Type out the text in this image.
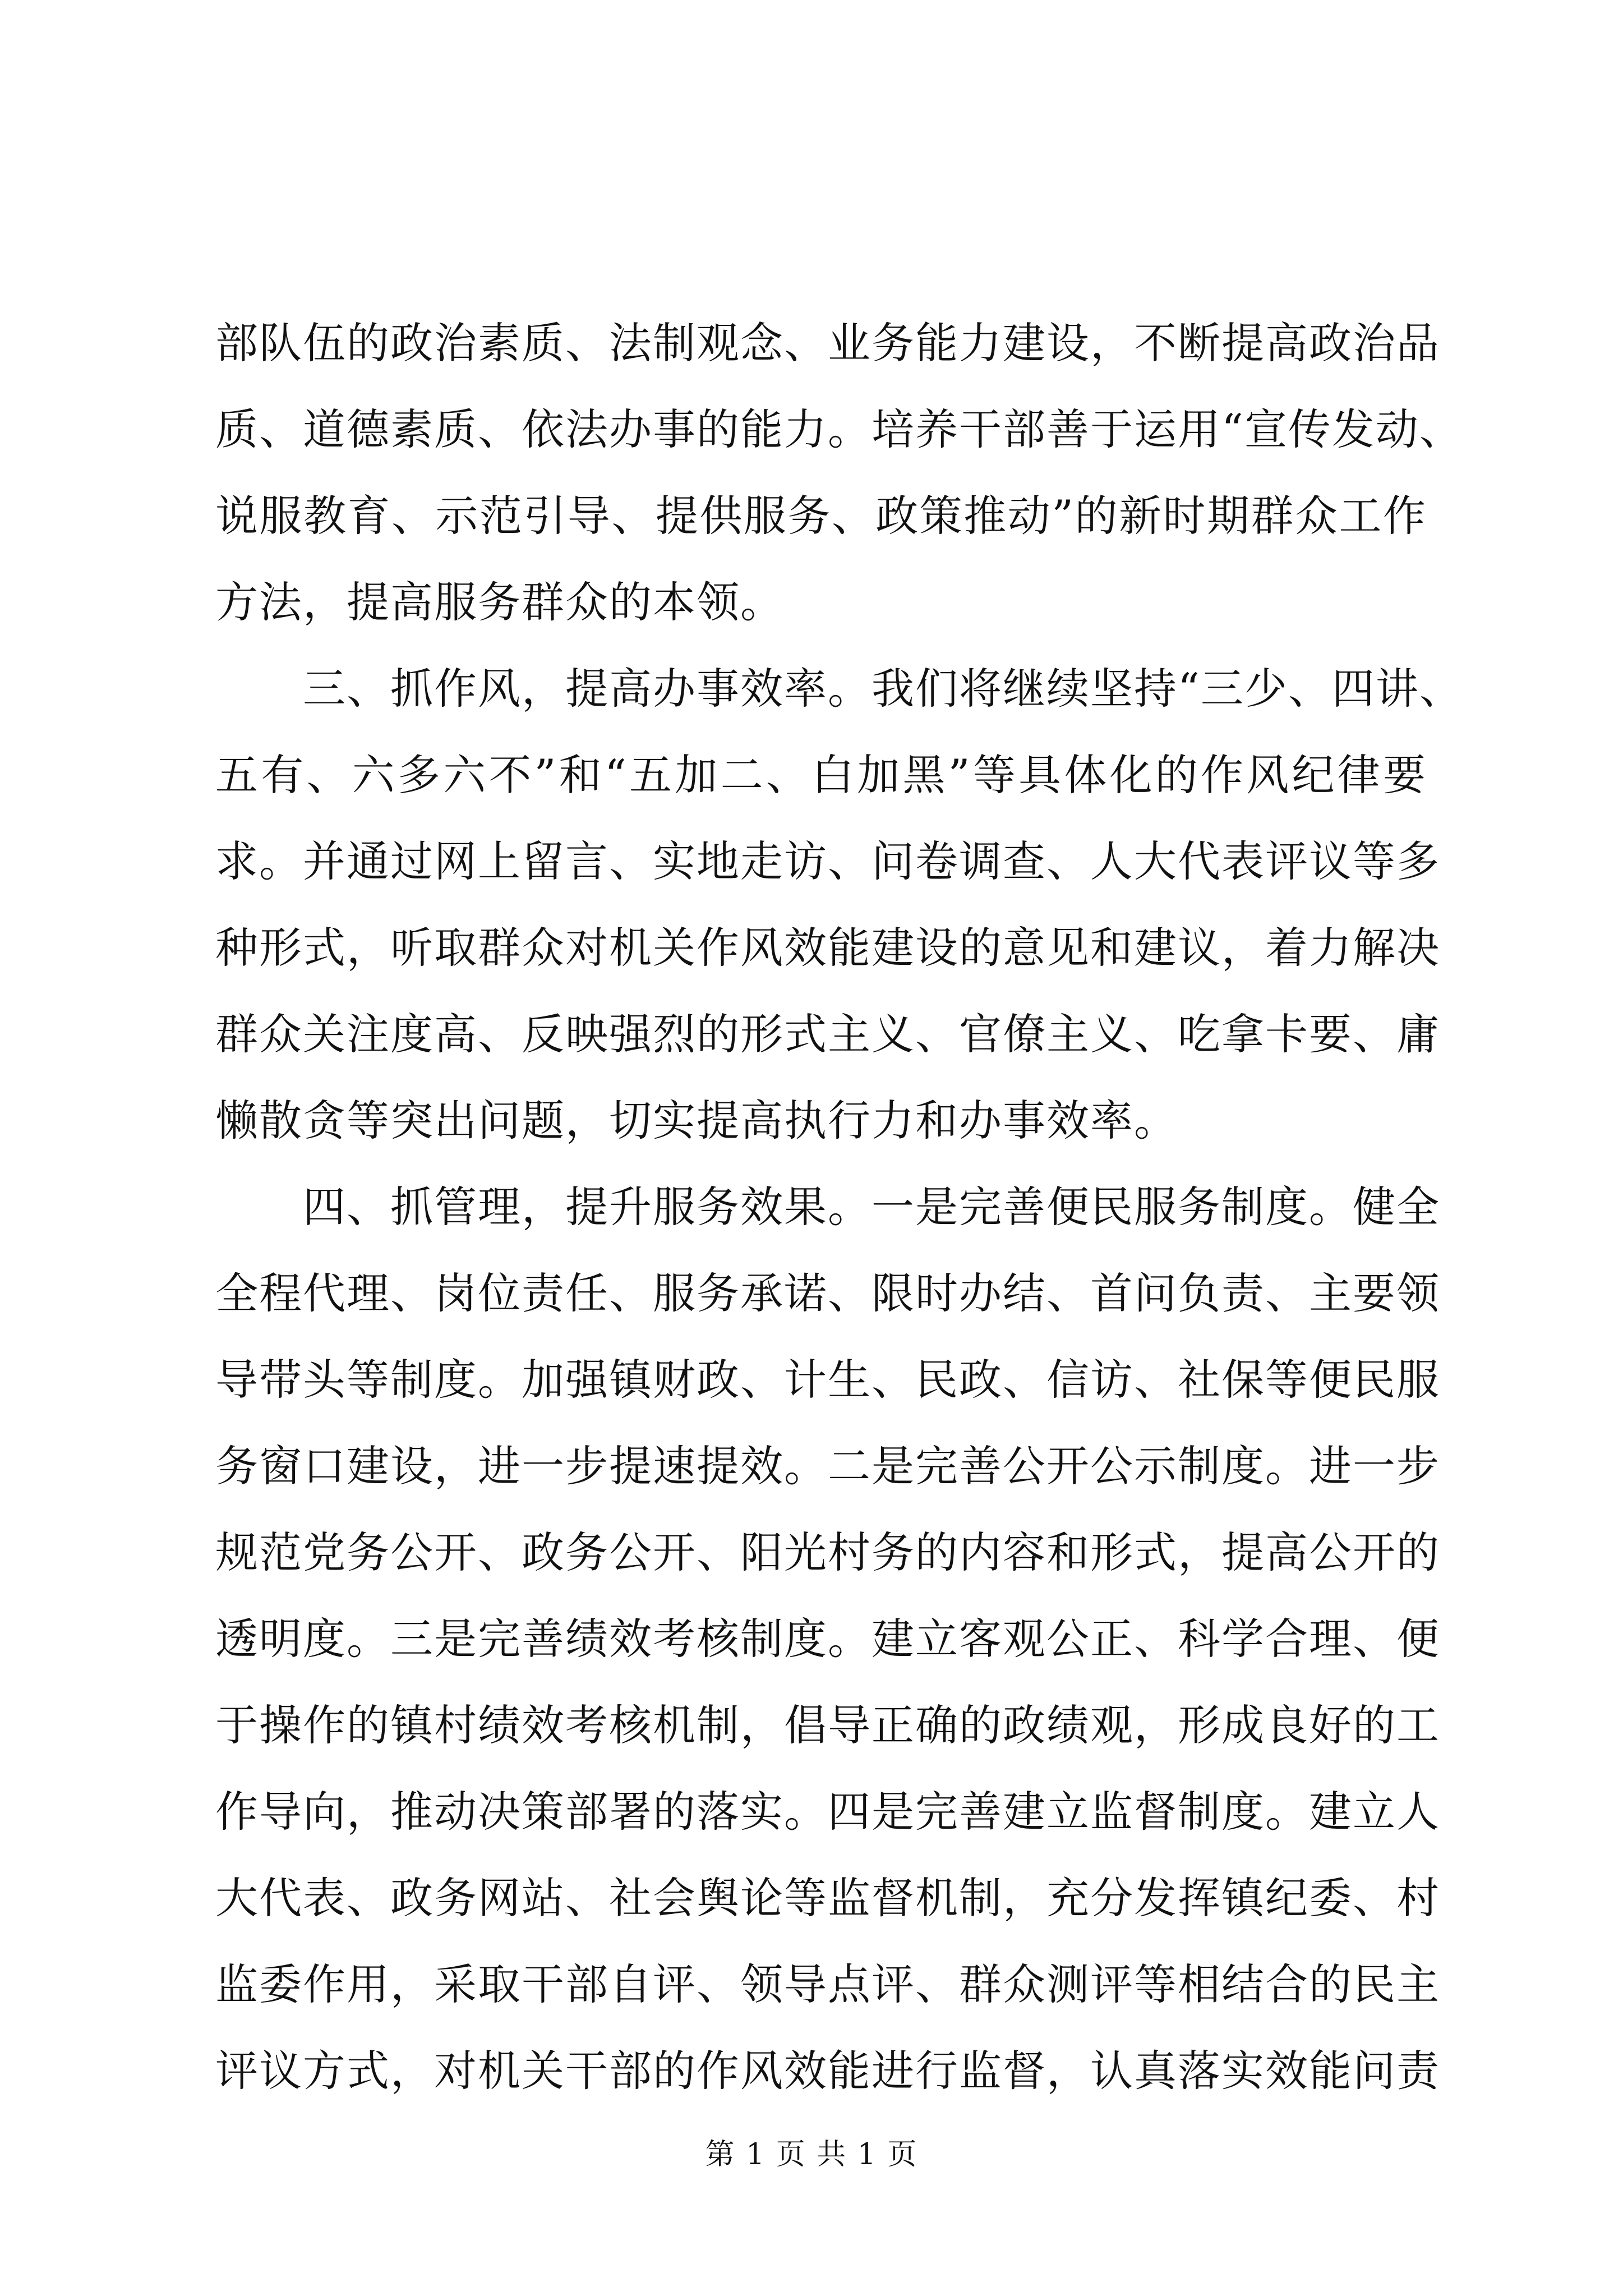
部队伍的政治素质、法制观念、业务能力建设，不断提高政治品
质、道德素质、依法办事的能力。培养干部善于运用“宣传发动、
说服教育、示范引导、提供服务、政策推动”的新时期群众工作
方法，提高服务群众的本领。
　　三、抓作风，提高办事效率。我们将继续坚持“三少、四讲、
五有、六多六不”和“五加二、白加黑”等具体化的作风纪律要
求。并通过网上留言、实地走访、问卷调查、人大代表评议等多
种形式，听取群众对机关作风效能建设的意见和建议，着力解决
群众关注度高、反映强烈的形式主义、官僚主义、吃拿卡要、庸
懒散贪等突出问题，切实提高执行力和办事效率。
　　四、抓管理，提升服务效果。一是完善便民服务制度。健全
全程代理、岗位责任、服务承诺、限时办结、首问负责、主要领
导带头等制度。加强镇财政、计生、民政、信访、社保等便民服
务窗口建设，进一步提速提效。二是完善公开公示制度。进一步
规范党务公开、政务公开、阳光村务的内容和形式，提高公开的
透明度。三是完善绩效考核制度。建立客观公正、科学合理、便
于操作的镇村绩效考核机制，倡导正确的政绩观，形成良好的工
作导向，推动决策部署的落实。四是完善建立监督制度。建立人
大代表、政务网站、社会舆论等监督机制，充分发挥镇纪委、村
监委作用，采取干部自评、领导点评、群众测评等相结合的民主
评议方式，对机关干部的作风效能进行监督，认真落实效能问责
第 1 页 共 1 页
